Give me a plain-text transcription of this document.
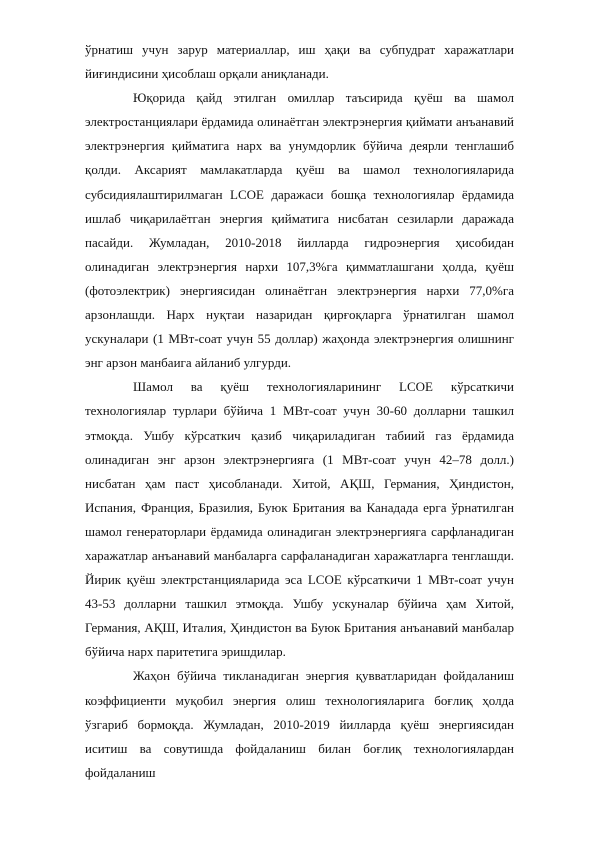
ўрнатиш учун зарур материаллар, иш ҳақи ва субпудрат харажатлари йиғиндисини ҳисоблаш орқали аниқланади.

Юқорида қайд этилган омиллар таъсирида қуёш ва шамол электростанциялари ёрдамида олинаётган электрэнергия қиймати анъанавий электрэнергия қийматига нарх ва унумдорлик бўйича деярли тенглашиб қолди. Аксарият мамлакатларда қуёш ва шамол технологияларида субсидиялаштирилмаган LCOE даражаси бошқа технологиялар ёрдамида ишлаб чиқарилаётган энергия қийматига нисбатан сезиларли даражада пасайди. Жумладан, 2010-2018 йилларда гидроэнергия ҳисобидан олинадиган электрэнергия нархи 107,3%га қимматлашгани ҳолда, қуёш (фотоэлектрик) энергиясидан олинаётган электрэнергия нархи 77,0%га арзонлашди. Нарх нуқтаи назаридан қирғоқларга ўрнатилган шамол ускуналари (1 МВт-соат учун 55 доллар) жаҳонда электрэнергия олишнинг энг арзон манбаига айланиб улгурди.

Шамол ва қуёш технологияларининг LCOE кўрсаткичи технологиялар турлари бўйича 1 МВт-соат учун 30-60 долларни ташкил этмоқда. Ушбу кўрсаткич қазиб чиқариладиган табиий газ ёрдамида олинадиган энг арзон электрэнергияга (1 МВт-соат учун 42–78 долл.) нисбатан ҳам паст ҳисобланади. Хитой, АҚШ, Германия, Ҳиндистон, Испания, Франция, Бразилия, Буюк Британия ва Канадада ерга ўрнатилган шамол генераторлари ёрдамида олинадиган электрэнергияга сарфланадиган харажатлар анъанавий манбаларга сарфаланадиган харажатларга тенглашди. Йирик қуёш электрстанцияларида эса LCOE кўрсаткичи 1 МВт-соат учун 43-53 долларни ташкил этмоқда. Ушбу ускуналар бўйича ҳам Хитой, Германия, АҚШ, Италия, Ҳиндистон ва Буюк Британия анъанавий манбалар бўйича нарх паритетига эришдилар.

Жаҳон бўйича тикланадиган энергия қувватларидан фойдаланиш коэффициенти муқобил энергия олиш технологияларига боғлиқ ҳолда ўзгариб бормоқда. Жумладан, 2010-2019 йилларда қуёш энергиясидан иситиш ва совутишда фойдаланиш билан боғлиқ технологиялардан фойдаланиш
